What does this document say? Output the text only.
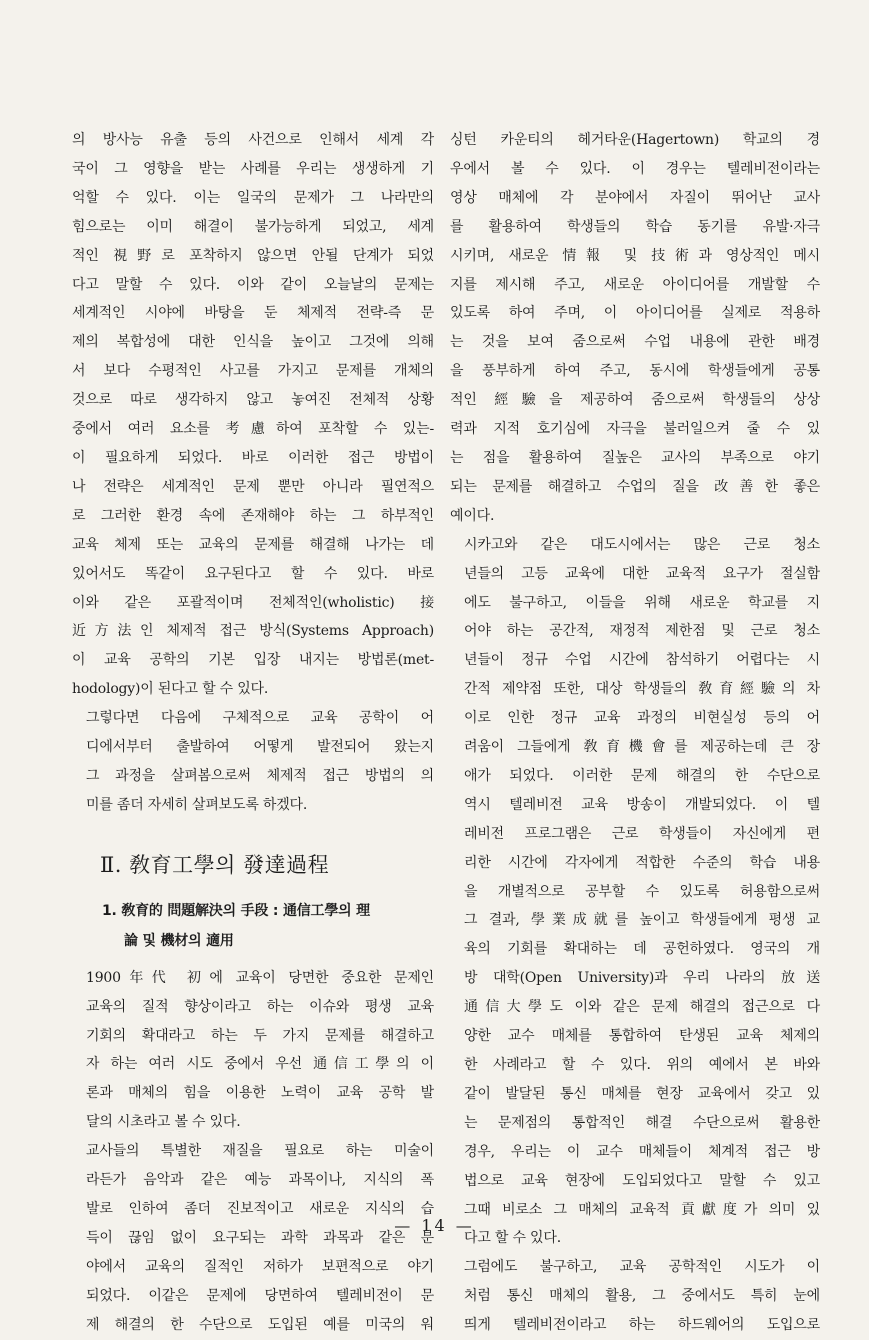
의 방사능 유출 등의 사건으로 인해서 세계 각
국이 그 영향을 받는 사례를 우리는 생생하게 기
억할 수 있다. 이는 일국의 문제가 그 나라만의
힘으로는 이미 해결이 불가능하게 되었고, 세계
적인 視野로 포착하지 않으면 안될 단계가 되었
다고 말할 수 있다. 이와 같이 오늘날의 문제는
세계적인 시야에 바탕을 둔 체제적 전략-즉 문
제의 복합성에 대한 인식을 높이고 그것에 의해
서 보다 수평적인 사고를 가지고 문제를 개체의
것으로 따로 생각하지 않고 놓여진 전체적 상황
중에서 여러 요소를 考慮하여 포착할 수 있는-
이 필요하게 되었다. 바로 이러한 접근 방법이
나 전략은 세계적인 문제 뿐만 아니라 필연적으
로 그러한 환경 속에 존재해야 하는 그 하부적인
교육 체제 또는 교육의 문제를 해결해 나가는 데
있어서도 똑같이 요구된다고 할 수 있다. 바로
이와 같은 포괄적이며 전체적인(wholistic) 接
近方法인 체제적 접근 방식(Systems Approach)
이 교육 공학의 기본 입장 내지는 방법론(met-
hodology)이 된다고 할 수 있다.
그렇다면 다음에 구체적으로 교육 공학이 어
디에서부터 출발하여 어떻게 발전되어 왔는지
그 과정을 살펴봄으로써 체제적 접근 방법의 의
미를 좀더 자세히 살펴보도록 하겠다.
Ⅱ. 敎育工學의 發達過程
1. 敎育的 問題解決의 手段 : 通信工學의 理
論 및 機材의 適用
1900年代 初에 교육이 당면한 중요한 문제인
교육의 질적 향상이라고 하는 이슈와 평생 교육
기회의 확대라고 하는 두 가지 문제를 해결하고
자 하는 여러 시도 중에서 우선 通信工學의 이
론과 매체의 힘을 이용한 노력이 교육 공학 발
달의 시초라고 볼 수 있다.
교사들의 특별한 재질을 필요로 하는 미술이
라든가 음악과 같은 예능 과목이나, 지식의 폭
발로 인하여 좀더 진보적이고 새로운 지식의 습
득이 끊임 없이 요구되는 과학 과목과 같은 분
야에서 교육의 질적인 저하가 보편적으로 야기
되었다. 이같은 문제에 당면하여 텔레비전이 문
제 해결의 한 수단으로 도입된 예를 미국의 워
싱턴 카운티의 헤거타운(Hagertown) 학교의 경
우에서 볼 수 있다. 이 경우는 텔레비전이라는
영상 매체에 각 분야에서 자질이 뛰어난 교사
를 활용하여 학생들의 학습 동기를 유발·자극
시키며, 새로운 情報 및 技術과 영상적인 메시
지를 제시해 주고, 새로운 아이디어를 개발할 수
있도록 하여 주며, 이 아이디어를 실제로 적용하
는 것을 보여 줌으로써 수업 내용에 관한 배경
을 풍부하게 하여 주고, 동시에 학생들에게 공통
적인 經驗을 제공하여 줌으로써 학생들의 상상
력과 지적 호기심에 자극을 불러일으켜 줄 수 있
는 점을 활용하여 질높은 교사의 부족으로 야기
되는 문제를 해결하고 수업의 질을 改善한 좋은
예이다.
시카고와 같은 대도시에서는 많은 근로 청소
년들의 고등 교육에 대한 교육적 요구가 절실함
에도 불구하고, 이들을 위해 새로운 학교를 지
어야 하는 공간적, 재정적 제한점 및 근로 청소
년들이 정규 수업 시간에 참석하기 어렵다는 시
간적 제약점 또한, 대상 학생들의 敎育經驗의 차
이로 인한 정규 교육 과정의 비현실성 등의 어
려움이 그들에게 敎育機會를 제공하는데 큰 장
애가 되었다. 이러한 문제 해결의 한 수단으로
역시 텔레비전 교육 방송이 개발되었다. 이 텔
레비전 프로그램은 근로 학생들이 자신에게 편
리한 시간에 각자에게 적합한 수준의 학습 내용
을 개별적으로 공부할 수 있도록 허용함으로써
그 결과, 學業成就를 높이고 학생들에게 평생 교
육의 기회를 확대하는 데 공헌하였다. 영국의 개
방 대학(Open University)과 우리 나라의 放送
通信大學도 이와 같은 문제 해결의 접근으로 다
양한 교수 매체를 통합하여 탄생된 교육 체제의
한 사례라고 할 수 있다. 위의 예에서 본 바와
같이 발달된 통신 매체를 현장 교육에서 갖고 있
는 문제점의 통합적인 해결 수단으로써 활용한
경우, 우리는 이 교수 매체들이 체계적 접근 방
법으로 교육 현장에 도입되었다고 말할 수 있고
그때 비로소 그 매체의 교육적 貢獻度가 의미 있
다고 할 수 있다.
그럼에도 불구하고, 교육 공학적인 시도가 이
처럼 통신 매체의 활용, 그 중에서도 특히 눈에
띄게 텔레비전이라고 하는 하드웨어의 도입으로
— 14 —
